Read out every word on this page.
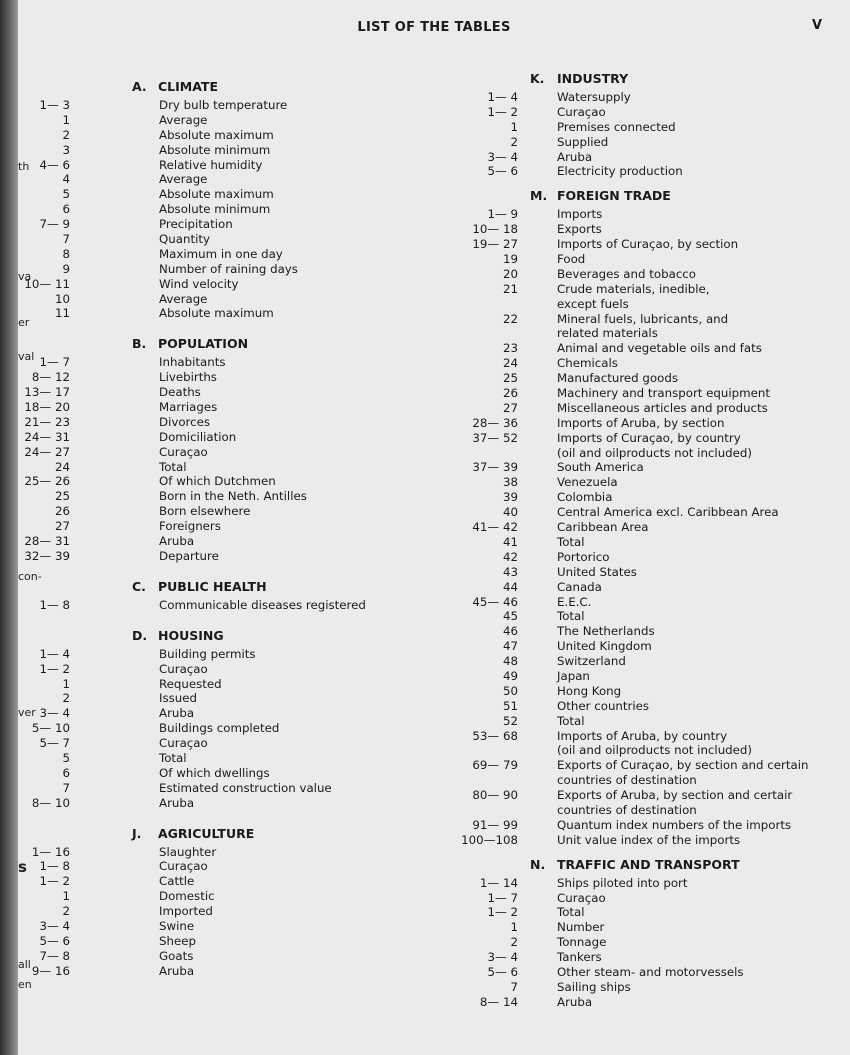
th
va
er
val
con-
ver
s
all
en
LIST OF THE TABLES	V
A. CLIMATE
1— 3	Dry bulb temperature
1	Average
2	Absolute maximum
3	Absolute minimum
4— 6	Relative humidity
4	Average
5	Absolute maximum
6	Absolute minimum
7— 9	Precipitation
7	Quantity
8	Maximum in one day
9	Number of raining days
10— 11	Wind velocity
10	Average
11	Absolute maximum
B. POPULATION
1— 7	Inhabitants
8— 12	Livebirths
13— 17	Deaths
18— 20	Marriages
21— 23	Divorces
24— 31	Domiciliation
24— 27	Curaçao
24	Total
25— 26	Of which Dutchmen
25	Born in the Neth. Antilles
26	Born elsewhere
27	Foreigners
28— 31	Aruba
32— 39	Departure
C. PUBLIC HEALTH
1— 8	Communicable diseases registered
D. HOUSING
1— 4	Building permits
1— 2	Curaçao
1	Requested
2	Issued
3— 4	Aruba
5— 10	Buildings completed
5— 7	Curaçao
5	Total
6	Of which dwellings
7	Estimated construction value
8— 10	Aruba
J. AGRICULTURE
1— 16	Slaughter
1— 8	Curaçao
1— 2	Cattle
1	Domestic
2	Imported
3— 4	Swine
5— 6	Sheep
7— 8	Goats
9— 16	Aruba
K. INDUSTRY
1— 4	Watersupply
1— 2	Curaçao
1	Premises connected
2	Supplied
3— 4	Aruba
5— 6	Electricity production
M. FOREIGN TRADE
1— 9	Imports
10— 18	Exports
19— 27	Imports of Curaçao, by section
19	Food
20	Beverages and tobacco
21	Crude materials, inedible,
except fuels
22	Mineral fuels, lubricants, and
related materials
23	Animal and vegetable oils and fats
24	Chemicals
25	Manufactured goods
26	Machinery and transport equipment
27	Miscellaneous articles and products
28— 36	Imports of Aruba, by section
37— 52	Imports of Curaçao, by country
(oil and oilproducts not included)
37— 39	South America
38	Venezuela
39	Colombia
40	Central America excl. Caribbean Area
41— 42	Caribbean Area
41	Total
42	Portorico
43	United States
44	Canada
45— 46	E.E.C.
45	Total
46	The Netherlands
47	United Kingdom
48	Switzerland
49	Japan
50	Hong Kong
51	Other countries
52	Total
53— 68	Imports of Aruba, by country
(oil and oilproducts not included)
69— 79	Exports of Curaçao, by section and certain
countries of destination
80— 90	Exports of Aruba, by section and certair
countries of destination
91— 99	Quantum index numbers of the imports
100—108	Unit value index of the imports
N. TRAFFIC AND TRANSPORT
1— 14	Ships piloted into port
1— 7	Curaçao
1— 2	Total
1	Number
2	Tonnage
3— 4	Tankers
5— 6	Other steam- and motorvessels
7	Sailing ships
8— 14	Aruba
